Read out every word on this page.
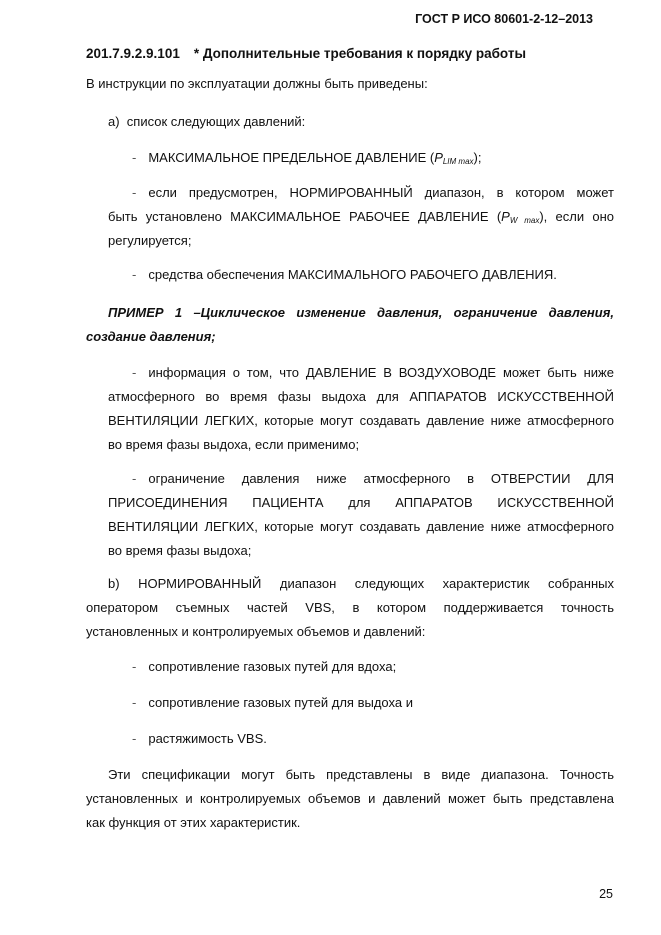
ГОСТ Р ИСО 80601-2-12–2013
201.7.9.2.9.101 * Дополнительные требования к порядку работы
В инструкции по эксплуатации должны быть приведены:
а) список следующих давлений:
- МАКСИМАЛЬНОЕ ПРЕДЕЛЬНОЕ ДАВЛЕНИЕ $(P_{LIM max})$;
- если предусмотрен, НОРМИРОВАННЫЙ диапазон, в котором может
быть установлено МАКСИМАЛЬНОЕ РАБОЧЕЕ ДАВЛЕНИЕ $(P_{W max})$, если оно
регулируется;
- средства обеспечения МАКСИМАЛЬНОГО РАБОЧЕГО ДАВЛЕНИЯ.
ПРИМЕР 1 –Циклическое изменение давления, ограничение давления,
создание давления;
- информация о том, что ДАВЛЕНИЕ В ВОЗДУХОВОДЕ может быть ниже
атмосферного во время фазы выдоха для АППАРАТОВ ИСКУССТВЕННОЙ
ВЕНТИЛЯЦИИ ЛЕГКИХ, которые могут создавать давление ниже атмосферного
во время фазы выдоха, если применимо;
- ограничение давления ниже атмосферного в ОТВЕРСТИИ ДЛЯ
ПРИСОЕДИНЕНИЯ ПАЦИЕНТА для АППАРАТОВ ИСКУССТВЕННОЙ
ВЕНТИЛЯЦИИ ЛЕГКИХ, которые могут создавать давление ниже атмосферного
во время фазы выдоха;
b) НОРМИРОВАННЫЙ диапазон следующих характеристик собранных
оператором съемных частей VBS, в котором поддерживается точность
установленных и контролируемых объемов и давлений:
- сопротивление газовых путей для вдоха;
- сопротивление газовых путей для выдоха и
- растяжимость VBS.
Эти спецификации могут быть представлены в виде диапазона. Точность
установленных и контролируемых объемов и давлений может быть представлена
как функция от этих характеристик.
25
